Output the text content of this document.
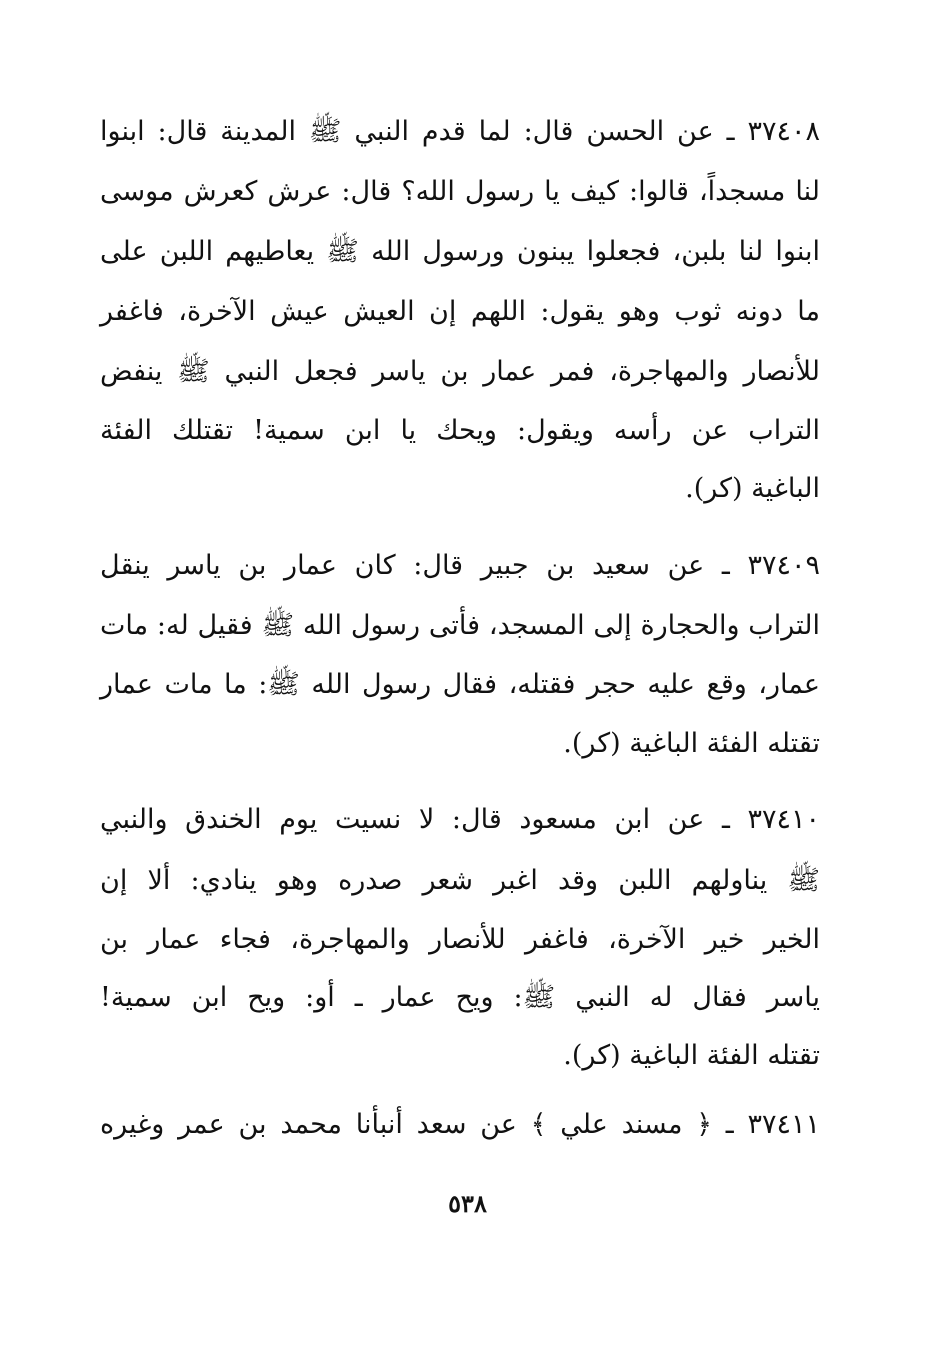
٣٧٤٠٨ ـ عن الحسن قال: لما قدم النبي ﷺ المدينة قال: ابنوا
لنا مسجداً، قالوا: كيف يا رسول الله؟ قال: عرش كعرش موسى
ابنوا لنا بلبن، فجعلوا يبنون ورسول الله ﷺ يعاطيهم اللبن على
ما دونه ثوب وهو يقول: اللهم إن العيش عيش الآخرة، فاغفر
للأنصار والمهاجرة، فمر عمار بن ياسر فجعل النبي ﷺ ينفض
التراب عن رأسه ويقول: ويحك يا ابن سمية! تقتلك الفئة
الباغية (كر).
٣٧٤٠٩ ـ عن سعيد بن جبير قال: كان عمار بن ياسر ينقل
التراب والحجارة إلى المسجد، فأتى رسول الله ﷺ فقيل له: مات
عمار، وقع عليه حجر فقتله، فقال رسول الله ﷺ: ما مات عمار
تقتله الفئة الباغية (كر).
٣٧٤١٠ ـ عن ابن مسعود قال: لا نسيت يوم الخندق والنبي
ﷺ يناولهم اللبن وقد اغبر شعر صدره وهو ينادي: ألا إن
الخير خير الآخرة، فاغفر للأنصار والمهاجرة، فجاء عمار بن
ياسر فقال له النبي ﷺ: ويح عمار ـ أو: ويح ابن سمية!
تقتله الفئة الباغية (كر).
٣٧٤١١ ـ ﴿ مسند علي ﴾ عن سعد أنبأنا محمد بن عمر وغيره
٥٣٨
